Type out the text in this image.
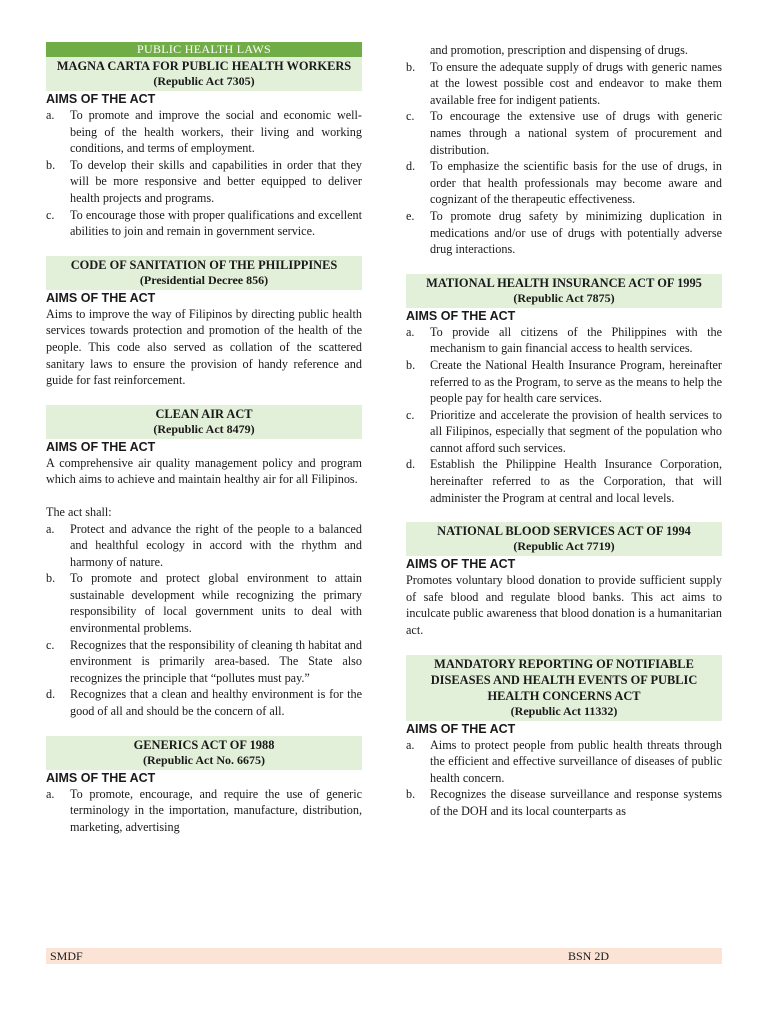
PUBLIC HEALTH LAWS
MAGNA CARTA FOR PUBLIC HEALTH WORKERS
(Republic Act 7305)
AIMS OF THE ACT
a. To promote and improve the social and economic well-being of the health workers, their living and working conditions, and terms of employment.
b. To develop their skills and capabilities in order that they will be more responsive and better equipped to deliver health projects and programs.
c. To encourage those with proper qualifications and excellent abilities to join and remain in government service.
CODE OF SANITATION OF THE PHILIPPINES
(Presidential Decree 856)
AIMS OF THE ACT

Aims to improve the way of Filipinos by directing public health services towards protection and promotion of the health of the people. This code also served as collation of the scattered sanitary laws to ensure the provision of handy reference and guide for fast reinforcement.

CLEAN AIR ACT
(Republic Act 8479)
AIMS OF THE ACT

A comprehensive air quality management policy and program which aims to achieve and maintain healthy air for all Filipinos.

The act shall:

a. Protect and advance the right of the people to a balanced and healthful ecology in accord with the rhythm and harmony of nature.
b. To promote and protect global environment to attain sustainable development while recognizing the primary responsibility of local government units to deal with environmental problems.
c. Recognizes that the responsibility of cleaning th habitat and environment is primarily area-based. The State also recognizes the principle that “pollutes must pay.”
d. Recognizes that a clean and healthy environment is for the good of all and should be the concern of all.
GENERICS ACT OF 1988
(Republic Act No. 6675)
AIMS OF THE ACT
a. To promote, encourage, and require the use of generic terminology in the importation, manufacture, distribution, marketing, advertising
and promotion, prescription and dispensing of drugs.
b. To ensure the adequate supply of drugs with generic names at the lowest possible cost and endeavor to make them available free for indigent patients.
c. To encourage the extensive use of drugs with generic names through a national system of procurement and distribution.
d. To emphasize the scientific basis for the use of drugs, in order that health professionals may become aware and cognizant of the therapeutic effectiveness.
e. To promote drug safety by minimizing duplication in medications and/or use of drugs with potentially adverse drug interactions.
MATIONAL HEALTH INSURANCE ACT OF 1995
(Republic Act 7875)
AIMS OF THE ACT
a. To provide all citizens of the Philippines with the mechanism to gain financial access to health services.
b. Create the National Health Insurance Program, hereinafter referred to as the Program, to serve as the means to help the people pay for health care services.
c. Prioritize and accelerate the provision of health services to all Filipinos, especially that segment of the population who cannot afford such services.
d. Establish the Philippine Health Insurance Corporation, hereinafter referred to as the Corporation, that will administer the Program at central and local levels.
NATIONAL BLOOD SERVICES ACT OF 1994
(Republic Act 7719)
AIMS OF THE ACT

Promotes voluntary blood donation to provide sufficient supply of safe blood and regulate blood banks. This act aims to inculcate public awareness that blood donation is a humanitarian act.

MANDATORY REPORTING OF NOTIFIABLE DISEASES AND HEALTH EVENTS OF PUBLIC HEALTH CONCERNS ACT
(Republic Act 11332)
AIMS OF THE ACT
a. Aims to protect people from public health threats through the efficient and effective surveillance of diseases of public health concern.
b. Recognizes the disease surveillance and response systems of the DOH and its local counterparts as
SMDF	BSN 2D
